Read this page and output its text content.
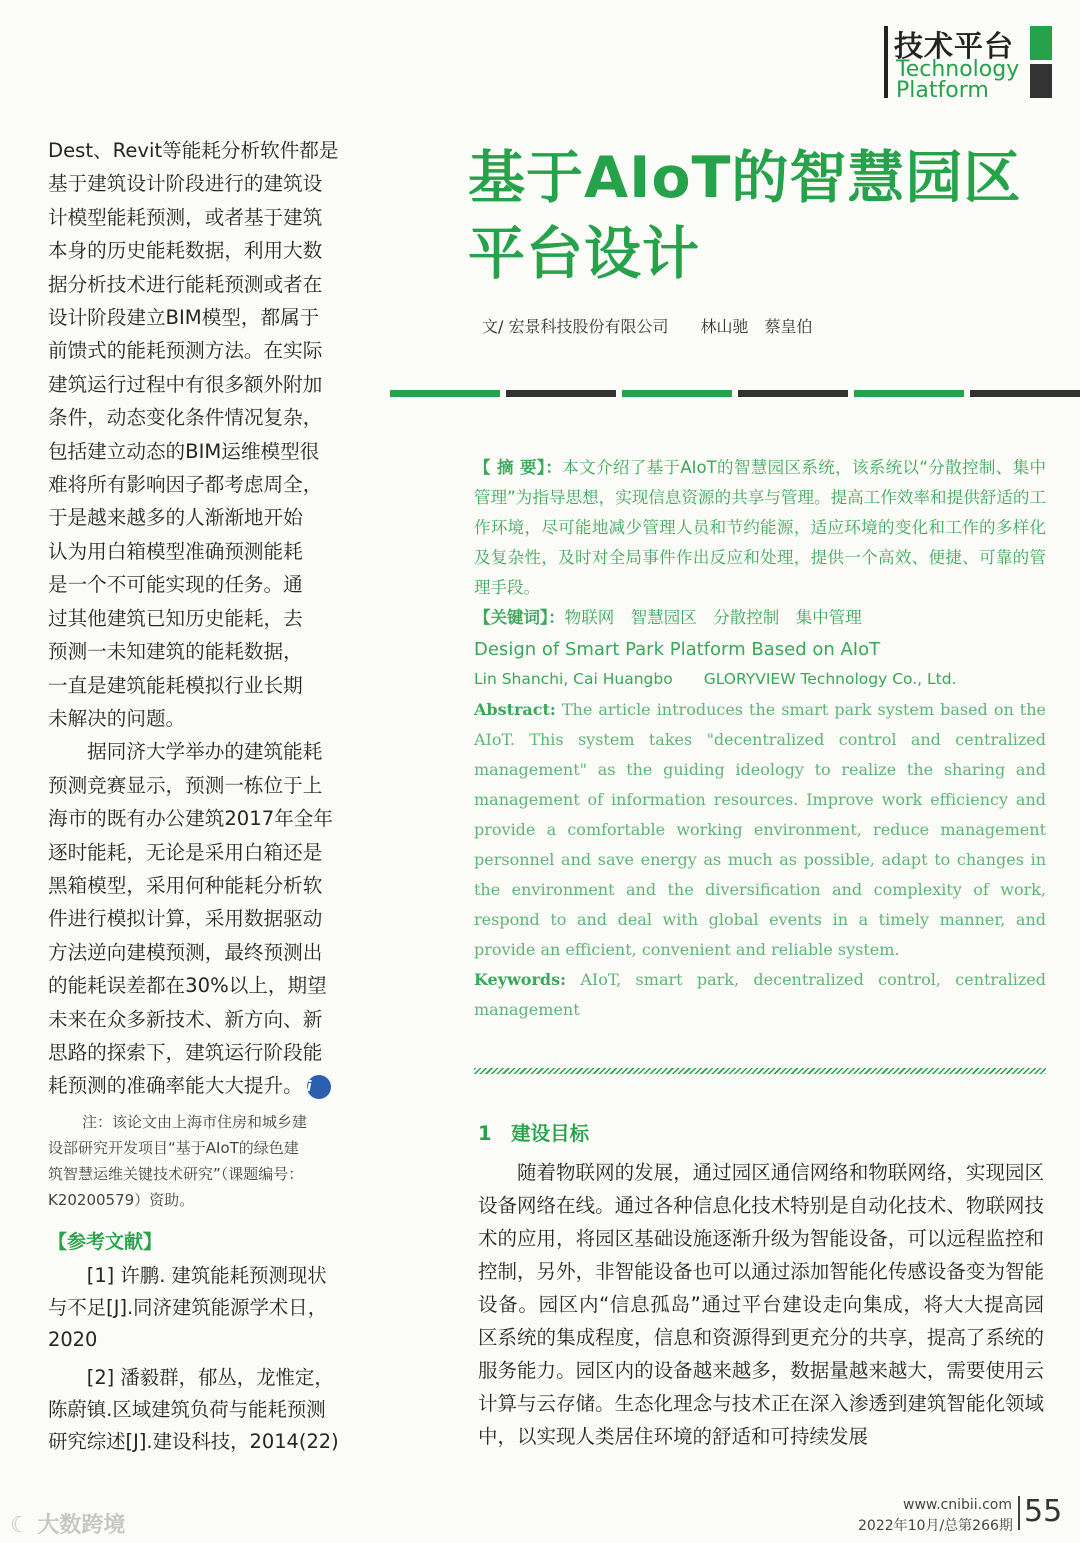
技术平台
Technology
Platform
Dest、Revit等能耗分析软件都是
基于建筑设计阶段进行的建筑设
计模型能耗预测，或者基于建筑
本身的历史能耗数据，利用大数
据分析技术进行能耗预测或者在
设计阶段建立BIM模型，都属于
前馈式的能耗预测方法。在实际
建筑运行过程中有很多额外附加
条件，动态变化条件情况复杂，
包括建立动态的BIM运维模型很
难将所有影响因子都考虑周全，
于是越来越多的人渐渐地开始
认为用白箱模型准确预测能耗
是一个不可能实现的任务。通
过其他建筑已知历史能耗，去
预测一未知建筑的能耗数据，
一直是建筑能耗模拟行业长期
未解决的问题。
　　据同济大学举办的建筑能耗
预测竞赛显示，预测一栋位于上
海市的既有办公建筑2017年全年
逐时能耗，无论是采用白箱还是
黑箱模型，采用何种能耗分析软
件进行模拟计算，采用数据驱动
方法逆向建模预测，最终预测出
的能耗误差都在30%以上，期望
未来在众多新技术、新方向、新
思路的探索下，建筑运行阶段能
耗预测的准确率能大大提升。 i
注：该论文由上海市住房和城乡建
设部研究开发项目“基于AIoT的绿色建
筑智慧运维关键技术研究”（课题编号：
K20200579）资助。
【参考文献】
　　[1] 许鹏. 建筑能耗预测现状
与不足[J].同济建筑能源学术日，
2020
　　[2] 潘毅群，郁丛，龙惟定，
陈蔚镇.区域建筑负荷与能耗预测
研究综述[J].建设科技，2014(22)
基于AIoT的智慧园区
平台设计
文/ 宏景科技股份有限公司　　林山驰　蔡皇伯
【 摘 要】：本文介绍了基于AIoT的智慧园区系统，该系统以“分散控制、集中管理”为指导思想，实现信息资源的共享与管理。提高工作效率和提供舒适的工作环境，尽可能地减少管理人员和节约能源，适应环境的变化和工作的多样化及复杂性，及时对全局事件作出反应和处理，提供一个高效、便捷、可靠的管理手段。
【关键词】：物联网　智慧园区　分散控制　集中管理
Design of Smart Park Platform Based on AIoT
Lin Shanchi, Cai Huangbo　　GLORYVIEW Technology Co., Ltd.
Abstract: The article introduces the smart park system based on the AIoT. This system takes "decentralized control and centralized management" as the guiding ideology to realize the sharing and management of information resources. Improve work efficiency and provide a comfortable working environment, reduce management personnel and save energy as much as possible, adapt to changes in the environment and the diversification and complexity of work, respond to and deal with global events in a timely manner, and provide an efficient, convenient and reliable system.
Keywords: AIoT, smart park, decentralized control, centralized management
1　建设目标
随着物联网的发展，通过园区通信网络和物联网络，实现园区设备网络在线。通过各种信息化技术特别是自动化技术、物联网技术的应用，将园区基础设施逐渐升级为智能设备，可以远程监控和控制，另外，非智能设备也可以通过添加智能化传感设备变为智能设备。园区内“信息孤岛”通过平台建设走向集成，将大大提高园区系统的集成程度，信息和资源得到更充分的共享，提高了系统的服务能力。园区内的设备越来越多，数据量越来越大，需要使用云计算与云存储。生态化理念与技术正在深入渗透到建筑智能化领域中，以实现人类居住环境的舒适和可持续发展
www.cnibii.com
2022年10月/总第266期 55
☾ 大数跨境
